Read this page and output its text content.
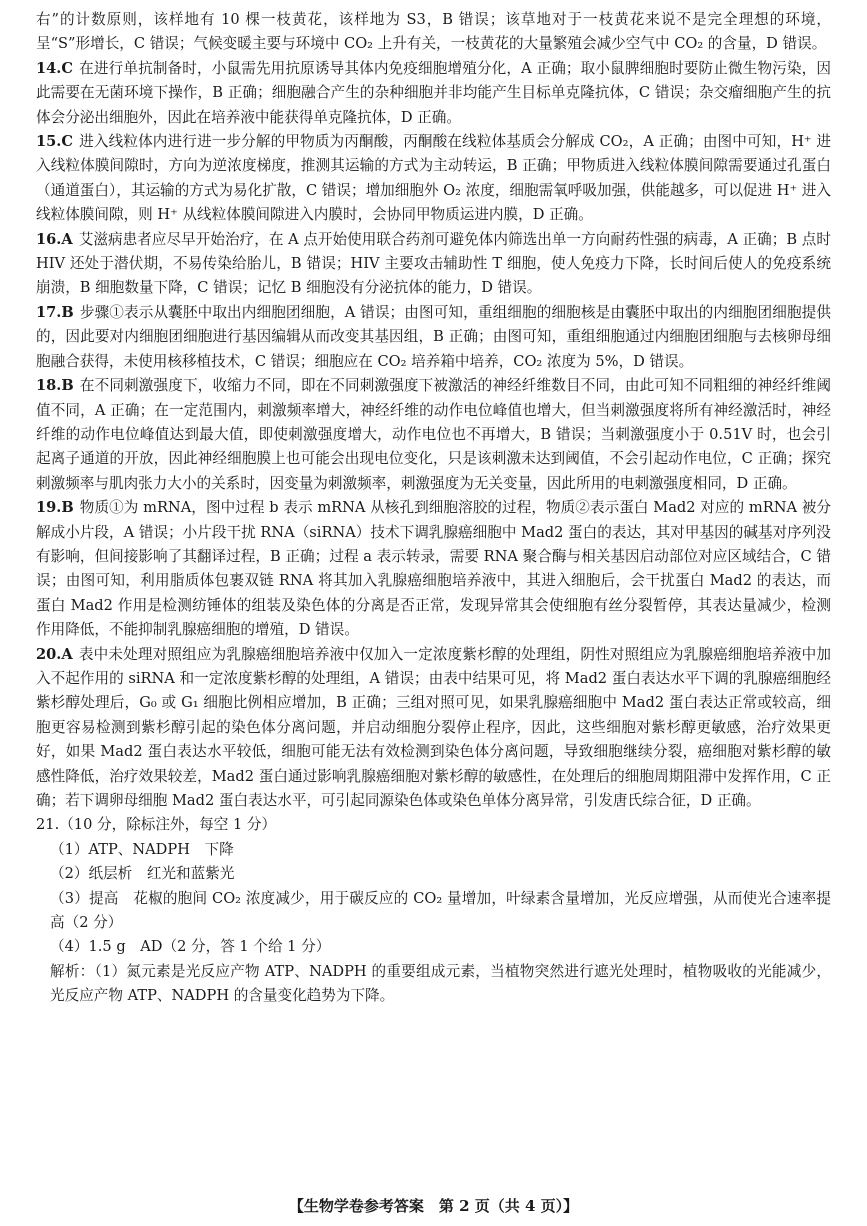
右”的计数原则，该样地有 10 棵一枝黄花，该样地为 S3，B 错误；该草地对于一枝黄花来说不是完全理想的环境，呈“S”形增长，C 错误；气候变暖主要与环境中 CO₂ 上升有关，一枝黄花的大量繁殖会减少空气中 CO₂ 的含量，D 错误。

14.C 在进行单抗制备时，小鼠需先用抗原诱导其体内免疫细胞增殖分化，A 正确；取小鼠脾细胞时要防止微生物污染，因此需要在无菌环境下操作，B 正确；细胞融合产生的杂种细胞并非均能产生目标单克隆抗体，C 错误；杂交瘤细胞产生的抗体会分泌出细胞外，因此在培养液中能获得单克隆抗体，D 正确。
15.C 进入线粒体内进行进一步分解的甲物质为丙酮酸，丙酮酸在线粒体基质会分解成 CO₂，A 正确；由图中可知，H⁺ 进入线粒体膜间隙时，方向为逆浓度梯度，推测其运输的方式为主动转运，B 正确；甲物质进入线粒体膜间隙需要通过孔蛋白（通道蛋白），其运输的方式为易化扩散，C 错误；增加细胞外 O₂ 浓度，细胞需氧呼吸加强，供能越多，可以促进 H⁺ 进入线粒体膜间隙，则 H⁺ 从线粒体膜间隙进入内膜时，会协同甲物质运进内膜，D 正确。
16.A 艾滋病患者应尽早开始治疗，在 A 点开始使用联合药剂可避免体内筛选出单一方向耐药性强的病毒，A 正确；B 点时 HIV 还处于潜伏期，不易传染给胎儿，B 错误；HIV 主要攻击辅助性 T 细胞，使人免疫力下降，长时间后使人的免疫系统崩溃，B 细胞数量下降，C 错误；记忆 B 细胞没有分泌抗体的能力，D 错误。
17.B 步骤①表示从囊胚中取出内细胞团细胞，A 错误；由图可知，重组细胞的细胞核是由囊胚中取出的内细胞团细胞提供的，因此要对内细胞团细胞进行基因编辑从而改变其基因组，B 正确；由图可知，重组细胞通过内细胞团细胞与去核卵母细胞融合获得，未使用核移植技术，C 错误；细胞应在 CO₂ 培养箱中培养，CO₂ 浓度为 5%，D 错误。
18.B 在不同刺激强度下，收缩力不同，即在不同刺激强度下被激活的神经纤维数目不同，由此可知不同粗细的神经纤维阈值不同，A 正确；在一定范围内，刺激频率增大，神经纤维的动作电位峰值也增大，但当刺激强度将所有神经激活时，神经纤维的动作电位峰值达到最大值，即使刺激强度增大，动作电位也不再增大，B 错误；当刺激强度小于 0.51V 时，也会引起离子通道的开放，因此神经细胞膜上也可能会出现电位变化，只是该刺激未达到阈值，不会引起动作电位，C 正确；探究刺激频率与肌肉张力大小的关系时，因变量为刺激频率，刺激强度为无关变量，因此所用的电刺激强度相同，D 正确。
19.B 物质①为 mRNA，图中过程 b 表示 mRNA 从核孔到细胞溶胶的过程，物质②表示蛋白 Mad2 对应的 mRNA 被分解成小片段，A 错误；小片段干扰 RNA（siRNA）技术下调乳腺癌细胞中 Mad2 蛋白的表达，其对甲基因的碱基对序列没有影响，但间接影响了其翻译过程，B 正确；过程 a 表示转录，需要 RNA 聚合酶与相关基因启动部位对应区域结合，C 错误；由图可知，利用脂质体包裹双链 RNA 将其加入乳腺癌细胞培养液中，其进入细胞后，会干扰蛋白 Mad2 的表达，而蛋白 Mad2 作用是检测纺锤体的组装及染色体的分离是否正常，发现异常其会使细胞有丝分裂暂停，其表达量减少，检测作用降低，不能抑制乳腺癌细胞的增殖，D 错误。
20.A 表中未处理对照组应为乳腺癌细胞培养液中仅加入一定浓度紫杉醇的处理组，阴性对照组应为乳腺癌细胞培养液中加入不起作用的 siRNA 和一定浓度紫杉醇的处理组，A 错误；由表中结果可见，将 Mad2 蛋白表达水平下调的乳腺癌细胞经紫杉醇处理后，G₀ 或 G₁ 细胞比例相应增加，B 正确；三组对照可见，如果乳腺癌细胞中 Mad2 蛋白表达正常或较高，细胞更容易检测到紫杉醇引起的染色体分离问题，并启动细胞分裂停止程序，因此，这些细胞对紫杉醇更敏感，治疗效果更好，如果 Mad2 蛋白表达水平较低，细胞可能无法有效检测到染色体分离问题，导致细胞继续分裂，癌细胞对紫杉醇的敏感性降低，治疗效果较差，Mad2 蛋白通过影响乳腺癌细胞对紫杉醇的敏感性，在处理后的细胞周期阻滞中发挥作用，C 正确；若下调卵母细胞 Mad2 蛋白表达水平，可引起同源染色体或染色单体分离异常，引发唐氏综合征，D 正确。
21.（10 分，除标注外，每空 1 分）
（1）ATP、NADPH　下降
（2）纸层析　红光和蓝紫光
（3）提高　花椒的胞间 CO₂ 浓度减少，用于碳反应的 CO₂ 量增加，叶绿素含量增加，光反应增强，从而使光合速率提高（2 分）
（4）1.5 g　AD（2 分，答 1 个给 1 分）
解析：（1）氮元素是光反应产物 ATP、NADPH 的重要组成元素，当植物突然进行遮光处理时，植物吸收的光能减少，光反应产物 ATP、NADPH 的含量变化趋势为下降。
【生物学卷参考答案　第 2 页（共 4 页）】
